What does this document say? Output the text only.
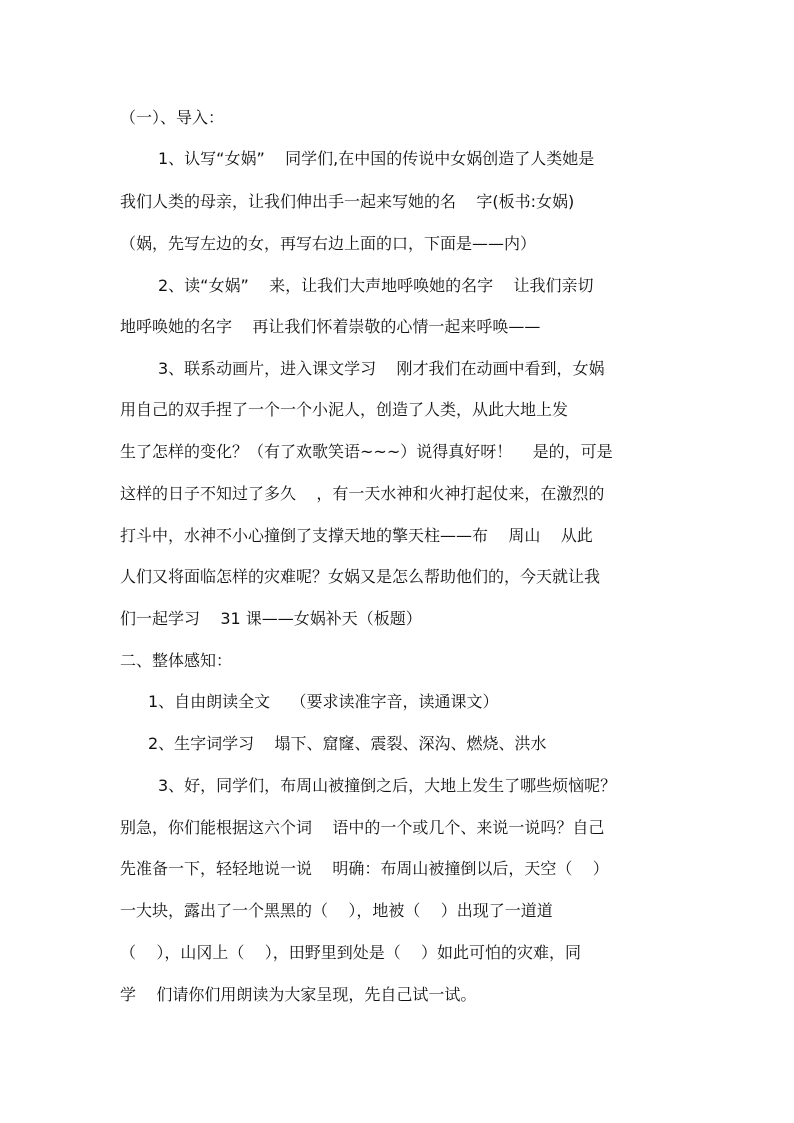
（一）、导入：
1、认写“女娲”    同学们,在中国的传说中女娲创造了人类她是
我们人类的母亲，让我们伸出手一起来写她的名    字(板书:女娲)
（娲，先写左边的女，再写右边上面的口，下面是——内）
2、读“女娲”    来，让我们大声地呼唤她的名字    让我们亲切
地呼唤她的名字    再让我们怀着崇敬的心情一起来呼唤——
3、联系动画片，进入课文学习    刚才我们在动画中看到，女娲
用自己的双手捏了一个一个小泥人，创造了人类，从此大地上发
生了怎样的变化？（有了欢歌笑语~~~）说得真好呀！    是的，可是
这样的日子不知过了多久    ，有一天水神和火神打起仗来，在激烈的
打斗中，水神不小心撞倒了支撑天地的擎天柱——布    周山    从此
人们又将面临怎样的灾难呢？女娲又是怎么帮助他们的，今天就让我
们一起学习    31 课——女娲补天（板题）
二、整体感知：
1、自由朗读全文    （要求读准字音，读通课文）
2、生字词学习    塌下、窟窿、震裂、深沟、燃烧、洪水
3、好，同学们，布周山被撞倒之后，大地上发生了哪些烦恼呢？
别急，你们能根据这六个词    语中的一个或几个、来说一说吗？自己
先准备一下，轻轻地说一说    明确：布周山被撞倒以后，天空（    ）
一大块，露出了一个黑黑的（    ），地被（    ）出现了一道道
（    ），山冈上（    ），田野里到处是（    ）如此可怕的灾难，同
学    们请你们用朗读为大家呈现，先自己试一试。
